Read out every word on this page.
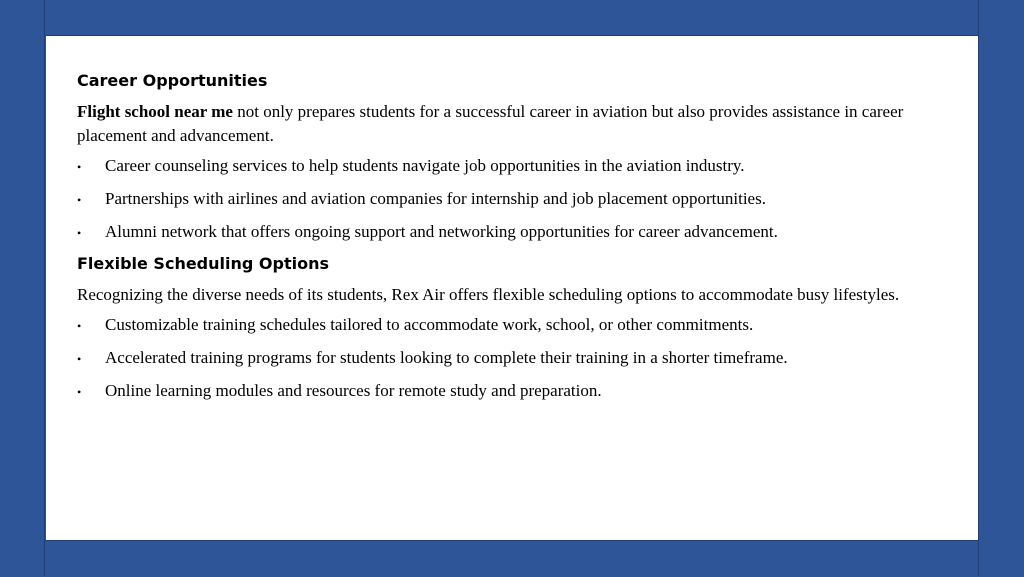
Career Opportunities

Flight school near me not only prepares students for a successful career in aviation but also provides assistance in career placement and advancement.

• Career counseling services to help students navigate job opportunities in the aviation industry.
• Partnerships with airlines and aviation companies for internship and job placement opportunities.
• Alumni network that offers ongoing support and networking opportunities for career advancement.
Flexible Scheduling Options

Recognizing the diverse needs of its students, Rex Air offers flexible scheduling options to accommodate busy lifestyles.

• Customizable training schedules tailored to accommodate work, school, or other commitments.
• Accelerated training programs for students looking to complete their training in a shorter timeframe.
• Online learning modules and resources for remote study and preparation.
